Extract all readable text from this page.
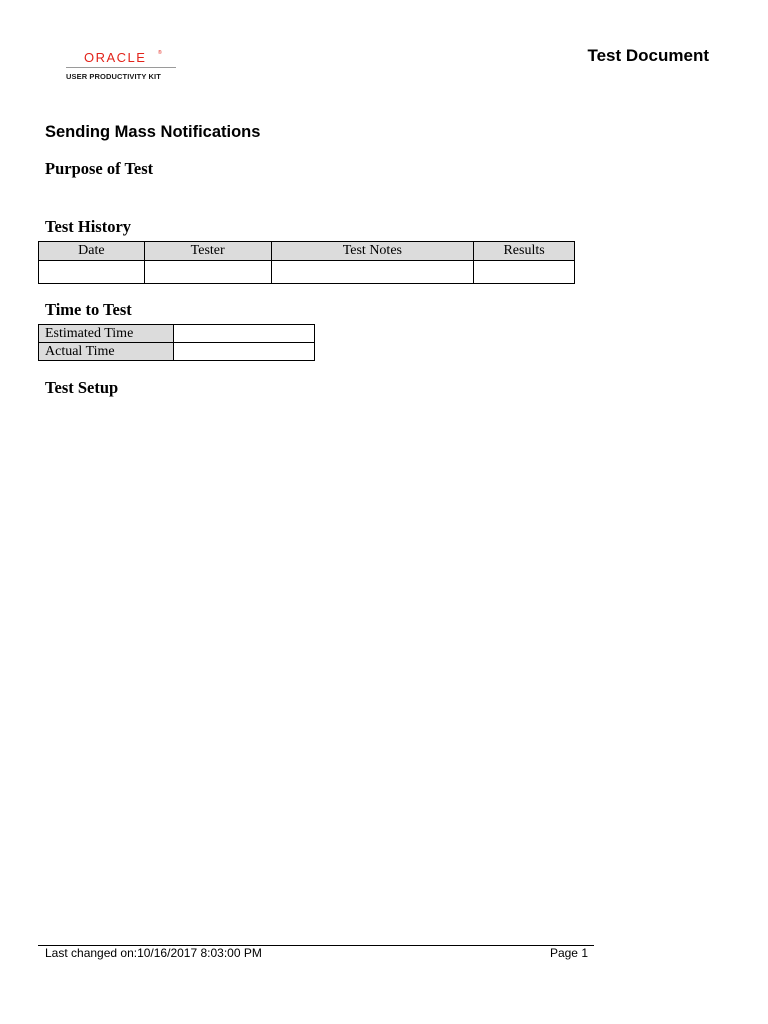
ORACLE ®
USER PRODUCTIVITY KIT
Test Document
Sending Mass Notifications
Purpose of Test
Test History
Date	Tester	Test Notes	Results

Time to Test
Estimated Time	
Actual Time	
Test Setup
Last changed on:10/16/2017 8:03:00 PM	Page 1
